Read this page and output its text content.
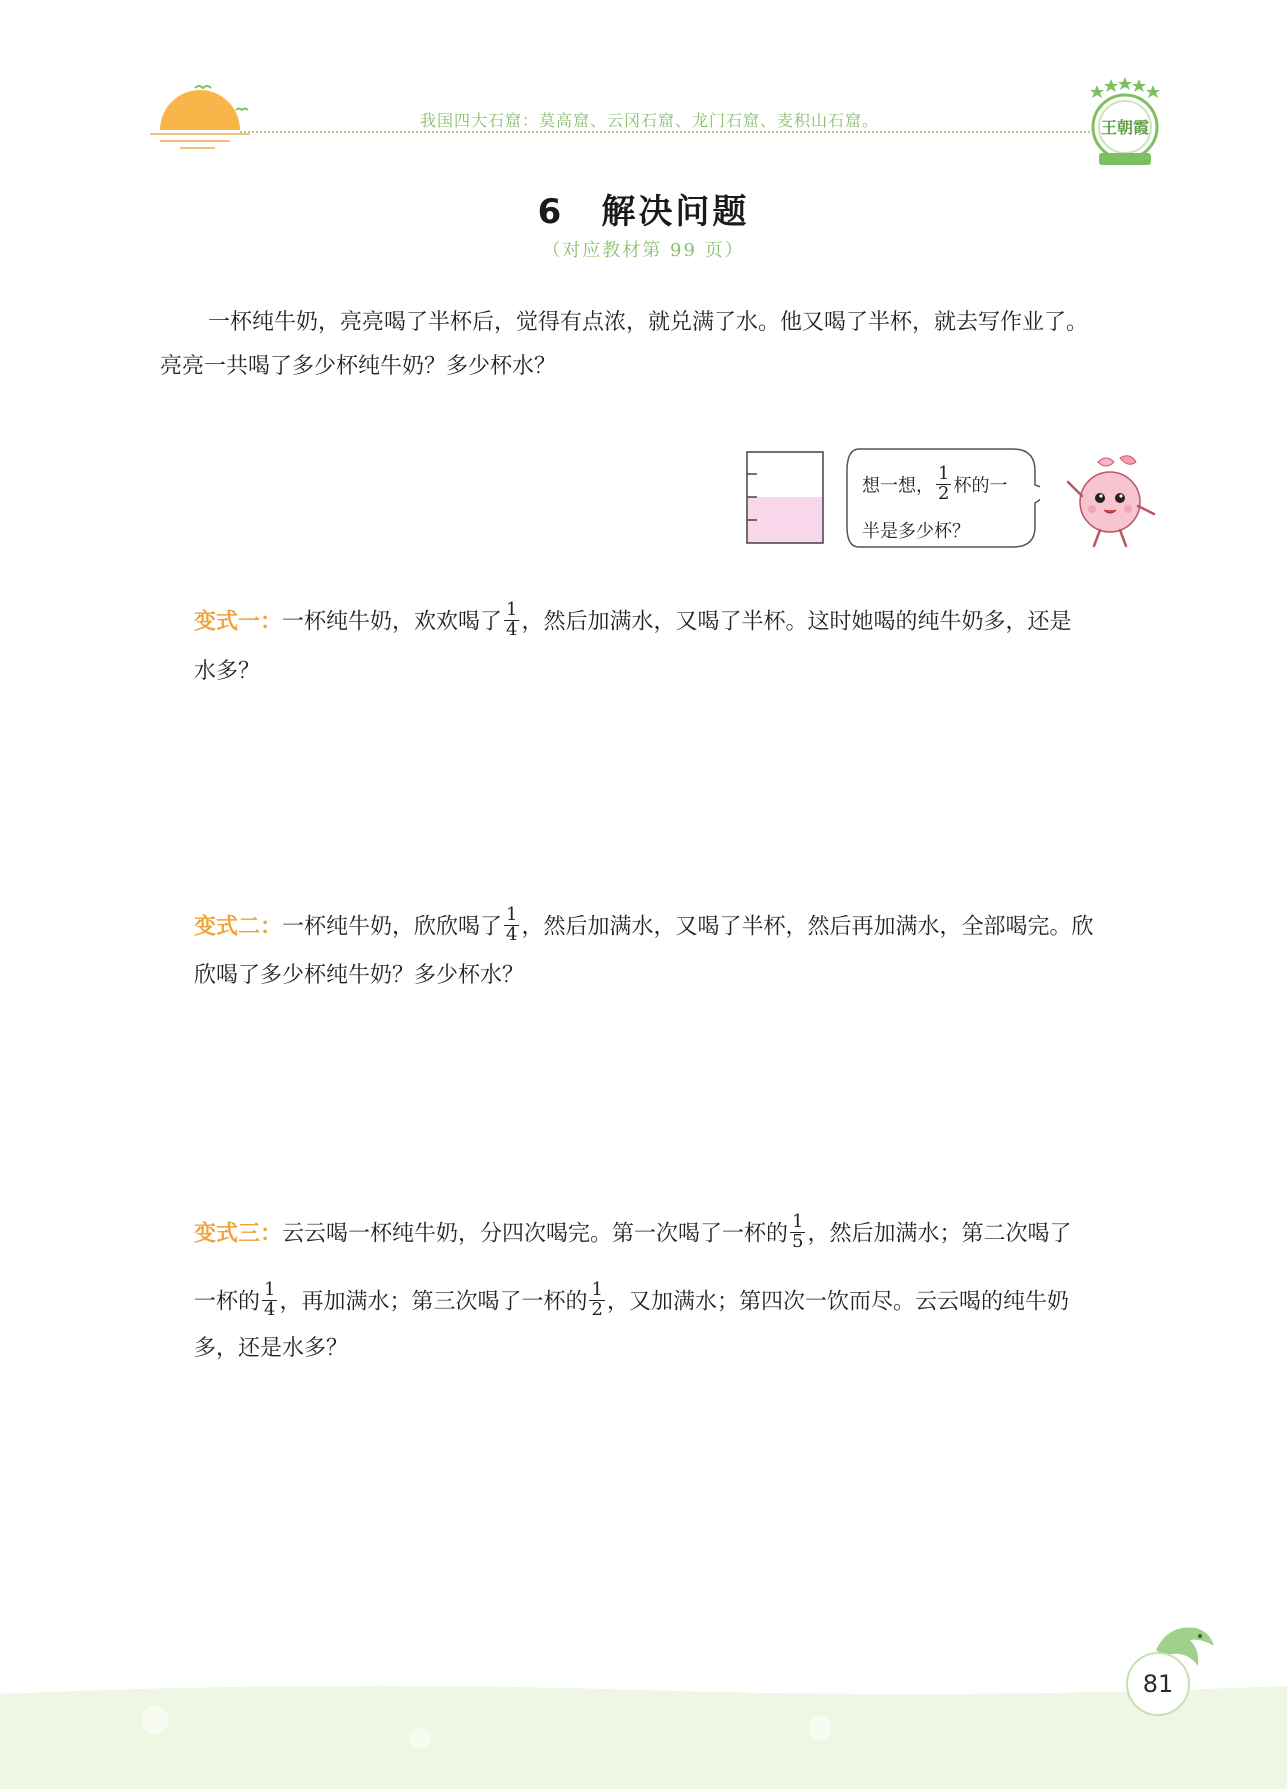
我国四大石窟：莫高窟、云冈石窟、龙门石窟、麦积山石窟。	王朝霞
6　解决问题
（对应教材第 99 页）
一杯纯牛奶，亮亮喝了半杯后，觉得有点浓，就兑满了水。他又喝了半杯，就去写作业了。
亮亮一共喝了多少杯纯牛奶？多少杯水？
想一想， $\frac{1}{2}$ 杯的一
半是多少杯？
变式一：一杯纯牛奶，欢欢喝了 $\frac{1}{4}$ ，然后加满水，又喝了半杯。这时她喝的纯牛奶多，还是
水多？
变式二：一杯纯牛奶，欣欣喝了 $\frac{1}{4}$ ，然后加满水，又喝了半杯，然后再加满水，全部喝完。欣
欣喝了多少杯纯牛奶？多少杯水？
变式三：云云喝一杯纯牛奶，分四次喝完。第一次喝了一杯的 $\frac{1}{5}$ ，然后加满水；第二次喝了
一杯的 $\frac{1}{4}$ ，再加满水；第三次喝了一杯的 $\frac{1}{2}$ ，又加满水；第四次一饮而尽。云云喝的纯牛奶
多，还是水多？
81
